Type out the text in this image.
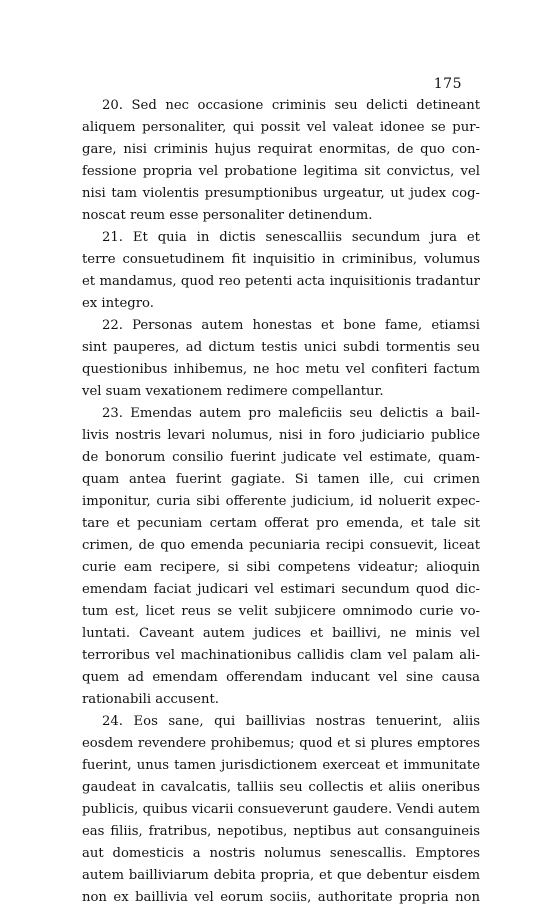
175
20. Sed nec occasione criminis seu delicti detineant
aliquem personaliter, qui possit vel valeat idonee se pur-
gare, nisi criminis hujus requirat enormitas, de quo con-
fessione propria vel probatione legitima sit convictus, vel
nisi tam violentis presumptionibus urgeatur, ut judex cog-
noscat reum esse personaliter detinendum.
21. Et quia in dictis senescalliis secundum jura et
terre consuetudinem fit inquisitio in criminibus, volumus
et mandamus, quod reo petenti acta inquisitionis tradantur
ex integro.
22. Personas autem honestas et bone fame, etiamsi
sint pauperes, ad dictum testis unici subdi tormentis seu
questionibus inhibemus, ne hoc metu vel confiteri factum
vel suam vexationem redimere compellantur.
23. Emendas autem pro maleficiis seu delictis a bail-
livis nostris levari nolumus, nisi in foro judiciario publice
de bonorum consilio fuerint judicate vel estimate, quam-
quam antea fuerint gagiate. Si tamen ille, cui crimen
imponitur, curia sibi offerente judicium, id noluerit expec-
tare et pecuniam certam offerat pro emenda, et tale sit
crimen, de quo emenda pecuniaria recipi consuevit, liceat
curie eam recipere, si sibi competens videatur; alioquin
emendam faciat judicari vel estimari secundum quod dic-
tum est, licet reus se velit subjicere omnimodo curie vo-
luntati. Caveant autem judices et baillivi, ne minis vel
terroribus vel machinationibus callidis clam vel palam ali-
quem ad emendam offerendam inducant vel sine causa
rationabili accusent.
24. Eos sane, qui baillivias nostras tenuerint, aliis
eosdem revendere prohibemus; quod et si plures emptores
fuerint, unus tamen jurisdictionem exerceat et immunitate
gaudeat in cavalcatis, talliis seu collectis et aliis oneribus
publicis, quibus vicarii consueverunt gaudere. Vendi autem
eas filiis, fratribus, nepotibus, neptibus aut consanguineis
aut domesticis a nostris nolumus senescallis. Emptores
autem bailliviarum debita propria, et que debentur eisdem
non ex baillivia vel eorum sociis, authoritate propria non
